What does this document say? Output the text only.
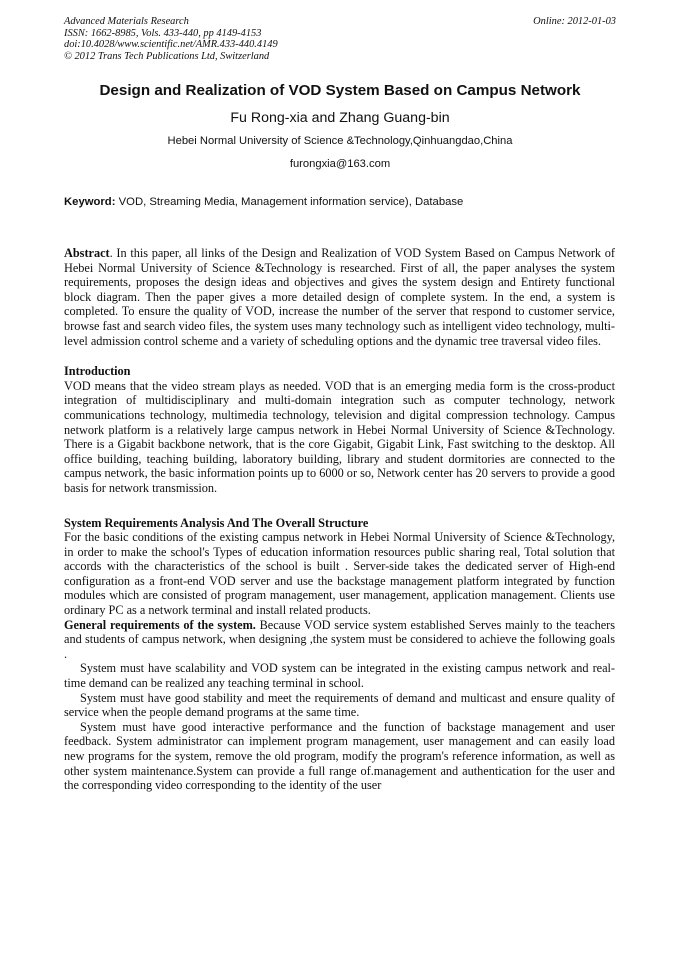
Advanced Materials Research
ISSN: 1662-8985, Vols. 433-440, pp 4149-4153
doi:10.4028/www.scientific.net/AMR.433-440.4149
© 2012 Trans Tech Publications Ltd, Switzerland
Online: 2012-01-03
Design and Realization of VOD System Based on Campus Network
Fu Rong-xia and Zhang Guang-bin
Hebei Normal University of Science &Technology,Qinhuangdao,China
furongxia@163.com
Keyword: VOD, Streaming Media, Management information service), Database

Abstract. In this paper, all links of the Design and Realization of VOD System Based on Campus Network of Hebei Normal University of Science &Technology is researched. First of all, the paper analyses the system requirements, proposes the design ideas and objectives and gives the system design and Entirety functional block diagram. Then the paper gives a more detailed design of complete system. In the end, a system is completed. To ensure the quality of VOD, increase the number of the server that respond to customer service, browse fast and search video files, the system uses many technology such as intelligent video technology, multi-level admission control scheme and a variety of scheduling options and the dynamic tree traversal video files.

Introduction

VOD means that the video stream plays as needed. VOD that is an emerging media form is the cross-product integration of multidisciplinary and multi-domain integration such as computer technology, network communications technology, multimedia technology, television and digital compression technology. Campus network platform is a relatively large campus network in Hebei Normal University of Science &Technology. There is a Gigabit backbone network, that is the core Gigabit, Gigabit Link, Fast switching to the desktop. All office building, teaching building, laboratory building, library and student dormitories are connected to the campus network, the basic information points up to 6000 or so, Network center has 20 servers to provide a good basis for network transmission.

System Requirements Analysis And The Overall Structure

For the basic conditions of the existing campus network in Hebei Normal University of Science &Technology, in order to make the school's Types of education information resources public sharing real, Total solution that accords with the characteristics of the school is built . Server-side takes the dedicated server of High-end configuration as a front-end VOD server and use the backstage management platform integrated by function modules which are consisted of program management, user management, application management. Clients use ordinary PC as a network terminal and install related products.

General requirements of the system. Because VOD service system established Serves mainly to the teachers and students of campus network, when designing ,the system must be considered to achieve the following goals .

System must have scalability and VOD system can be integrated in the existing campus network and real-time demand can be realized any teaching terminal in school.

System must have good stability and meet the requirements of demand and multicast and ensure quality of service when the people demand programs at the same time.

System must have good interactive performance and the function of backstage management and user feedback. System administrator can implement program management, user management and can easily load new programs for the system, remove the old program, modify the program's reference information, as well as other system maintenance.System can provide a full range of.management and authentication for the user and the corresponding video corresponding to the identity of the user
